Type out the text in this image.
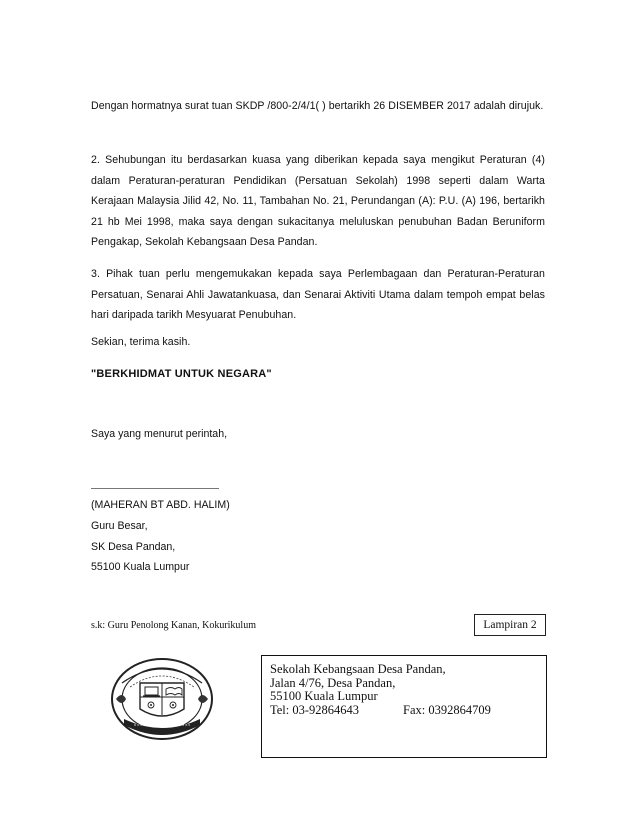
Dengan hormatnya surat tuan SKDP /800-2/4/1( ) bertarikh 26 DISEMBER 2017 adalah dirujuk.
2. Sehubungan itu berdasarkan kuasa yang diberikan kepada saya mengikut Peraturan (4) dalam Peraturan-peraturan Pendidikan (Persatuan Sekolah) 1998 seperti dalam Warta Kerajaan Malaysia Jilid 42, No. 11, Tambahan No. 21, Perundangan (A): P.U. (A) 196, bertarikh 21 hb Mei 1998, maka saya dengan sukacitanya meluluskan penubuhan Badan Beruniform Pengakap, Sekolah Kebangsaan Desa Pandan.
3. Pihak tuan perlu mengemukakan kepada saya Perlembagaan dan Peraturan-Peraturan Persatuan, Senarai Ahli Jawatankuasa, dan Senarai Aktiviti Utama dalam tempoh empat belas hari daripada tarikh Mesyuarat Penubuhan.
Sekian, terima kasih.
"BERKHIDMAT UNTUK NEGARA"
Saya yang menurut perintah,
(MAHERAN BT ABD. HALIM)
Guru Besar,
SK Desa Pandan,
55100 Kuala Lumpur
s.k: Guru Penolong Kanan, Kokurikulum	Lampiran 2
Sekolah Kebangsaan Desa Pandan,
Jalan 4/76, Desa Pandan,
55100 Kuala Lumpur
Tel: 03-92864643	Fax: 0392864709
